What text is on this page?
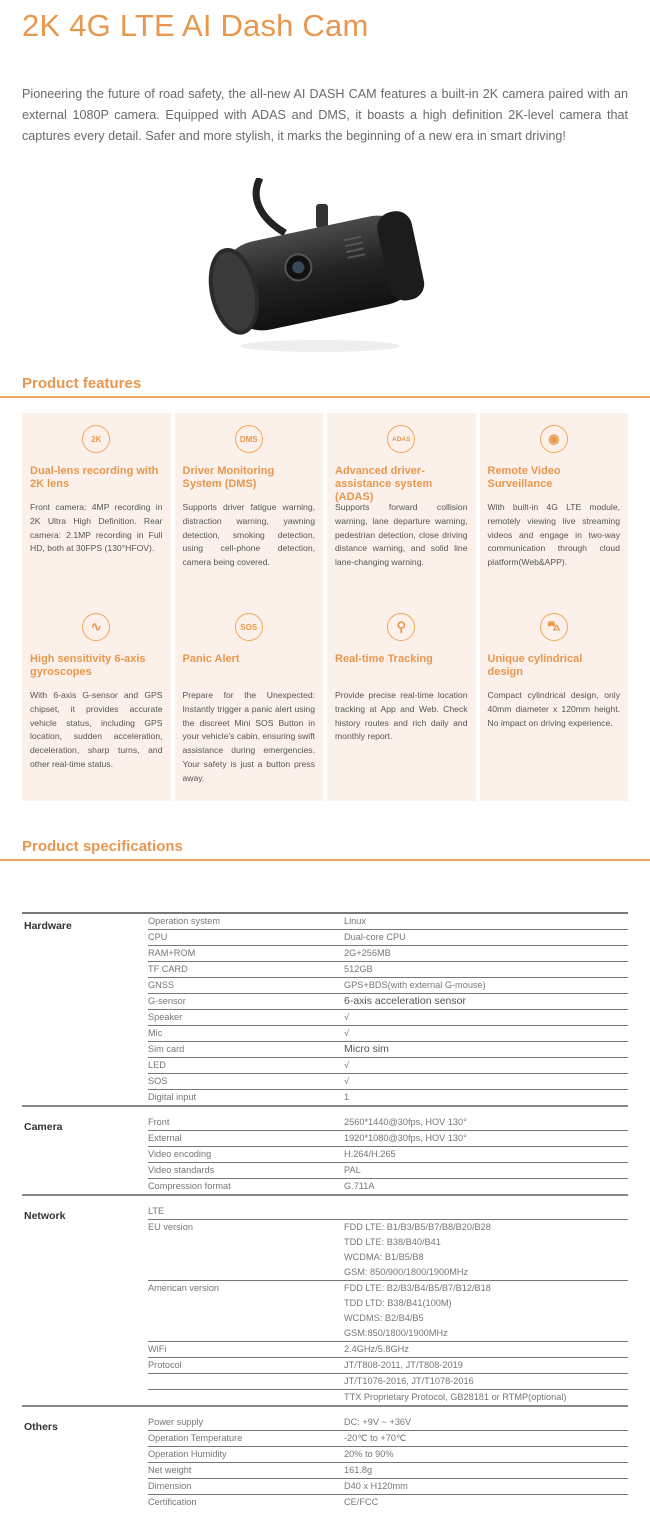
2K 4G LTE AI Dash Cam

Pioneering the future of road safety, the all-new AI DASH CAM features a built-in 2K camera paired with an external 1080P camera. Equipped with ADAS and DMS, it boasts a high definition 2K-level camera that captures every detail. Safer and more stylish, it marks the beginning of a new era in smart driving!

Product features
2K
Dual-lens recording with 2K lens
Front camera: 4MP recording in 2K Ultra High Definition. Rear camera: 2.1MP recording in Full HD, both at 30FPS (130°HFOV).
DMS
Driver Monitoring System (DMS)
Supports driver fatigue warning, distraction warning, yawning detection, smoking detection, using cell-phone detection, camera being covered.
ADAS
Advanced driver-assistance system (ADAS)
Supports forward collision warning, lane departure warning, pedestrian detection, close driving distance warning, and solid line lane-changing warning.
◉
Remote Video Surveillance
With built-in 4G LTE module, remotely viewing live streaming videos and engage in two-way communication through cloud platform(Web&APP).
∿
High sensitivity 6-axis gyroscopes
With 6-axis G-sensor and GPS chipset, it provides accurate vehicle status, including GPS location, sudden acceleration, deceleration, sharp turns, and other real-time status.
SOS
Panic Alert
Prepare for the Unexpected: Instantly trigger a panic alert using the discreet Mini SOS Button in your vehicle's cabin, ensuring swift assistance during emergencies. Your safety is just a button press away.
⚲
Real-time Tracking
Provide precise real-time location tracking at App and Web. Check history routes and rich daily and monthly report.
⛍
Unique cylindrical design
Compact cylindrical design, only 40mm diameter x 120mm height. No impact on driving experience.
Product specifications
Hardware	Operation system	Linux
CPU	Dual-core CPU
RAM+ROM	2G+256MB
TF CARD	512GB
GNSS	GPS+BDS(with external G-mouse)
G-sensor	6-axis acceleration sensor
Speaker	√
Mic	√
Sim card	Micro sim
LED	√
SOS	√
Digital input	1
Camera	Front	2560*1440@30fps, HOV 130°
External	1920*1080@30fps, HOV 130°
Video encoding	H.264/H.265
Video standards	PAL
Compression format	G.711A
Network	LTE

EU version	FDD LTE: B1/B3/B5/B7/B8/B20/B28
TDD LTE: B38/B40/B41
WCDMA: B1/B5/B8
GSM: 850/900/1800/1900MHz
American version	FDD LTE: B2/B3/B4/B5/B7/B12/B18
TDD LTD: B38/B41(100M)
WCDMS: B2/B4/B5
GSM:850/1800/1900MHz
WiFi	2.4GHz/5.8GHz
Protocol	JT/T808-2011, JT/T808-2019
JT/T1076-2016, JT/T1078-2016
TTX Proprietary Protocol, GB28181 or RTMP(optional)
Others	Power supply	DC: +9V ~ +36V
Operation Temperature	-20℃ to +70℃
Operation Humidity	20% to 90%
Net weight	161.8g
Dimension	D40 x H120mm
Certification	CE/FCC
